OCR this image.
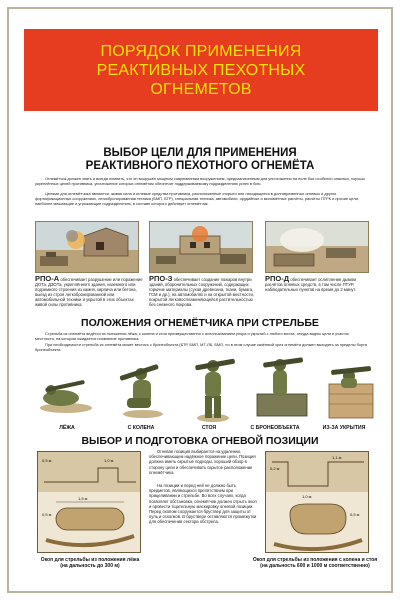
ПОРЯДОК ПРИМЕНЕНИЯ
РЕАКТИВНЫХ ПЕХОТНЫХ
ОГНЕМЕТОВ
ВЫБОР ЦЕЛИ ДЛЯ ПРИМЕНЕНИЯ
РЕАКТИВНОГО ПЕХОТНОГО ОГНЕМЁТА
Огнемётчик должен знать и всегда помнить, что он вооружён мощным современным вооружением, предназначенным для уничтожения на поле боя особенно опасных, хорошо укреплённых целей противника, уничтожение которых огнемётом обеспечит поддерживаемому подразделению успех в бою.
Целями для огнемётчика являются: живая сила и огневые средства противника, расположенные открыто или находящиеся в долговременных огневых и других фортификационных сооружениях, легкобронированная техника (БМП, БТР), специальная техника, автомобили, орудийные и миномётные расчёты, расчёты ПТРК и прочие цели, наиболее мешающие и угрожающие подразделению, в составе которого действует огнемётчик.
РПО-А обеспечивает разрушение или поражение ДОТа, ДЗОТа, укреплённого здания, наземного или подземного строения из камня, кирпича или бетона, выезд из строя легкобронированной или автомобильной техники и укрытой в этих объектах живой силы противника.
РПО-З обеспечивает создание пожаров внутри зданий, оборонительных сооружений, содержащих горючие материалы (сухая древесина, ткани, бумага, ГСМ и др.), на автомобилях и на открытой местности, покрытой легковоспламеняющейся растительностью без снежного покрова.
РПО-Д обеспечивает ослепление дымом расчётов огневых средств, в том числе ПТУР, наблюдательных пунктов на время до 2 минут.
ПОЛОЖЕНИЯ ОГНЕМЁТЧИКА ПРИ СТРЕЛЬБЕ
Стрельба из огнемёта ведётся из положения лёжа, с колена и стоя преимущественно с использованием упора и укрытий с любого места, откуда видны цели и участок местности, на котором ожидается появление противника.
При необходимости стрельба из огнемёта может вестись с бронеобъекта (БТР, БМП, МТ-ЛБ, БМО, но в этом случае казённый срез огнемёта должен выходить за пределы борта бронеобъекта
ЛЁЖА	С КОЛЕНА	СТОЯ	С БРОНЕОБЪЕКТА	ИЗ-ЗА УКРЫТИЯ
ВЫБОР И ПОДГОТОВКА ОГНЕВОЙ ПОЗИЦИИ
0,5 м
1,5 м
1,0 м
0,5 м
Огневая позиция выбирается на удалении, обеспечивающем надёжное поражение цели. Позиция должна иметь скрытые подходы, хороший обзор в сторону цели и обеспечивать скрытое расположение огнемётчика.
На позиции и перед ней не должно быть предметов, являющихся препятствием при прицеливании и стрельбе. Во всех случаях, когда позволяет обстановка, огнемётчик должен отрыть окоп и провести тщательную маскировку огневой позиции. Перед окопом сооружается бруствер для защиты от пуль и осколков. В бруствере оставляются промежутки для обеспечения сектора обстрела.
1,1 м
0,2 м
1,0 м
0,5 м
Окоп для стрельбы из положения лёжа
(на дальность до 300 м)
Окоп для стрельбы из положения с колена и стоя
(на дальность 600 и 1000 м соответственно)
